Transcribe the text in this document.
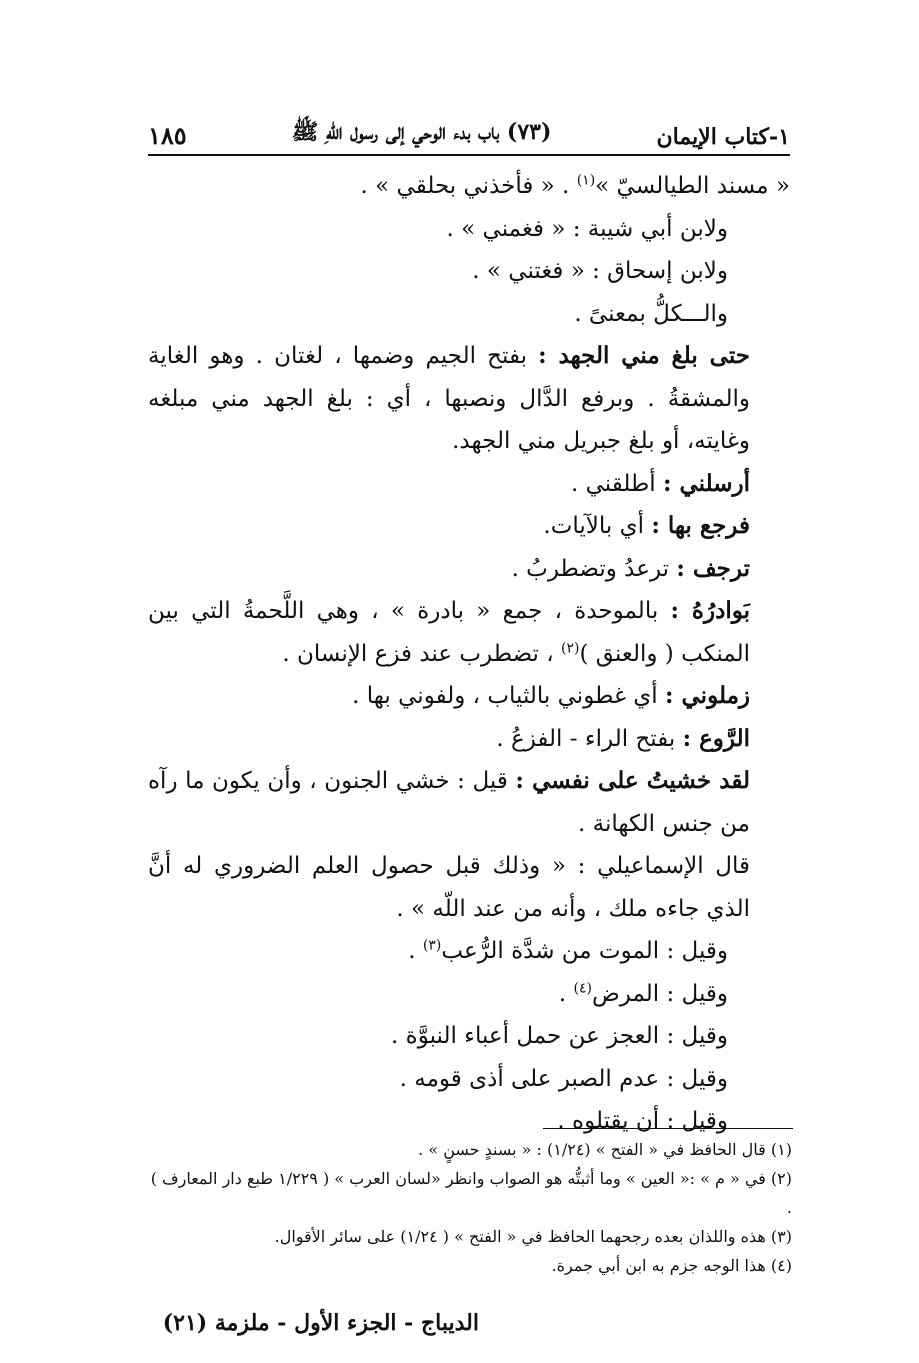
١-كتاب الإيمان
(٧٣) باب بدء الوحي إلى رسول اللّهِ ﷺ
١٨٥

« مسند الطيالسيّ »$^{(١)}$ . « فأخذني بحلقي » .

ولابن أبي شيبة : « فغمني » .

ولابن إسحاق : « فغتني » .

والـــكلُّ بمعنىً .

حتى بلغ مني الجهد : بفتح الجيم وضمها ، لغتان . وهو الغاية والمشقةُ . وبرفع الدَّال ونصبها ، أي : بلغ الجهد مني مبلغه وغايته، أو بلغ جبريل مني الجهد.

أرسلني : أطلقني .

فرجع بها : أي بالآيات.

ترجف : ترعدُ وتضطربُ .

بَوادرُهُ : بالموحدة ، جمع « بادرة » ، وهي اللَّحمةُ التي بين المنكب ( والعنق )$^{(٢)}$ ، تضطرب عند فزع الإنسان .

زملوني : أي غطوني بالثياب ، ولفوني بها .

الرَّوع : بفتح الراء - الفزعُ .

لقد خشيتُ على نفسي : قيل : خشي الجنون ، وأن يكون ما رآه من جنس الكهانة .

قال الإسماعيلي : « وذلك قبل حصول العلم الضروري له أنَّ الذي جاءه ملك ، وأنه من عند اللّه » .

وقيل : الموت من شدَّة الرُّعب$^{(٣)}$ .

وقيل : المرض$^{(٤)}$ .

وقيل : العجز عن حمل أعباء النبوَّة .

وقيل : عدم الصبر على أذى قومه .

وقيل : أن يقتلوه .

(١) قال الحافظ في « الفتح » (١/٢٤) : « بسندٍ حسنٍ » .

(٢) في « م » :« العين » وما أثبتُّه هو الصواب وانظر «لسان العرب » ( ١/٢٢٩ طبع دار المعارف ) .

(٣) هذه واللذان بعده رجحهما الحافظ في « الفتح » ( ١/٢٤) على سائر الأقوال.

(٤) هذا الوجه جزم به ابن أبي جمرة.

الديباج - الجزء الأول - ملزمة (٢١)
